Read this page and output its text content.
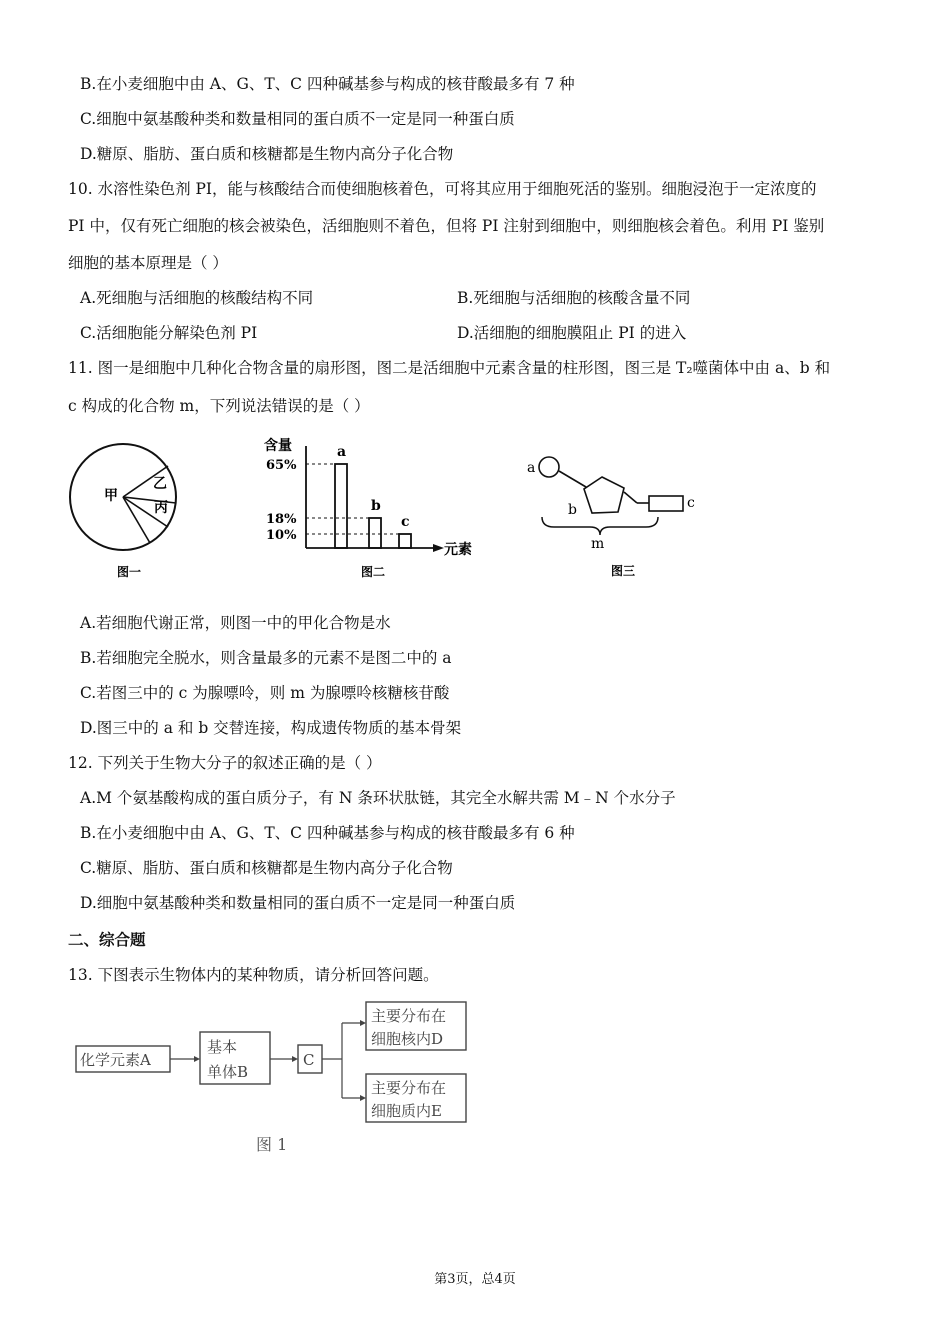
B.在小麦细胞中由 A、G、T、C 四种碱基参与构成的核苷酸最多有 7 种
C.细胞中氨基酸种类和数量相同的蛋白质不一定是同一种蛋白质
D.糖原、脂肪、蛋白质和核糖都是生物内高分子化合物
10. 水溶性染色剂 PI，能与核酸结合而使细胞核着色，可将其应用于细胞死活的鉴别。细胞浸泡于一定浓度的
PI 中，仅有死亡细胞的核会被染色，活细胞则不着色，但将 PI 注射到细胞中，则细胞核会着色。利用 PI 鉴别
细胞的基本原理是（ ）
A.死细胞与活细胞的核酸结构不同	B.死细胞与活细胞的核酸含量不同
C.活细胞能分解染色剂 PI	D.活细胞的细胞膜阻止 PI 的进入
11. 图一是细胞中几种化合物含量的扇形图，图二是活细胞中元素含量的柱形图，图三是 T₂噬菌体中由 a、b 和
c 构成的化合物 m，下列说法错误的是（ ）
甲
乙
丙
图一
含量
元素
65%
18%
10%
a
b
c
图二
a
b	c
m
图三
A.若细胞代谢正常，则图一中的甲化合物是水
B.若细胞完全脱水，则含量最多的元素不是图二中的 a
C.若图三中的 c 为腺嘌呤，则 m 为腺嘌呤核糖核苷酸
D.图三中的 a 和 b 交替连接，构成遗传物质的基本骨架
12. 下列关于生物大分子的叙述正确的是（ ）
A.M 个氨基酸构成的蛋白质分子，有 N 条环状肽链，其完全水解共需 M﹣N 个水分子
B.在小麦细胞中由 A、G、T、C 四种碱基参与构成的核苷酸最多有 6 种
C.糖原、脂肪、蛋白质和核糖都是生物内高分子化合物
D.细胞中氨基酸种类和数量相同的蛋白质不一定是同一种蛋白质
二、综合题
13. 下图表示生物体内的某种物质，请分析回答问题。
化学元素A
基本
单体B
C
主要分布在
细胞核内D
主要分布在
细胞质内E
图 1
第3页，总4页
